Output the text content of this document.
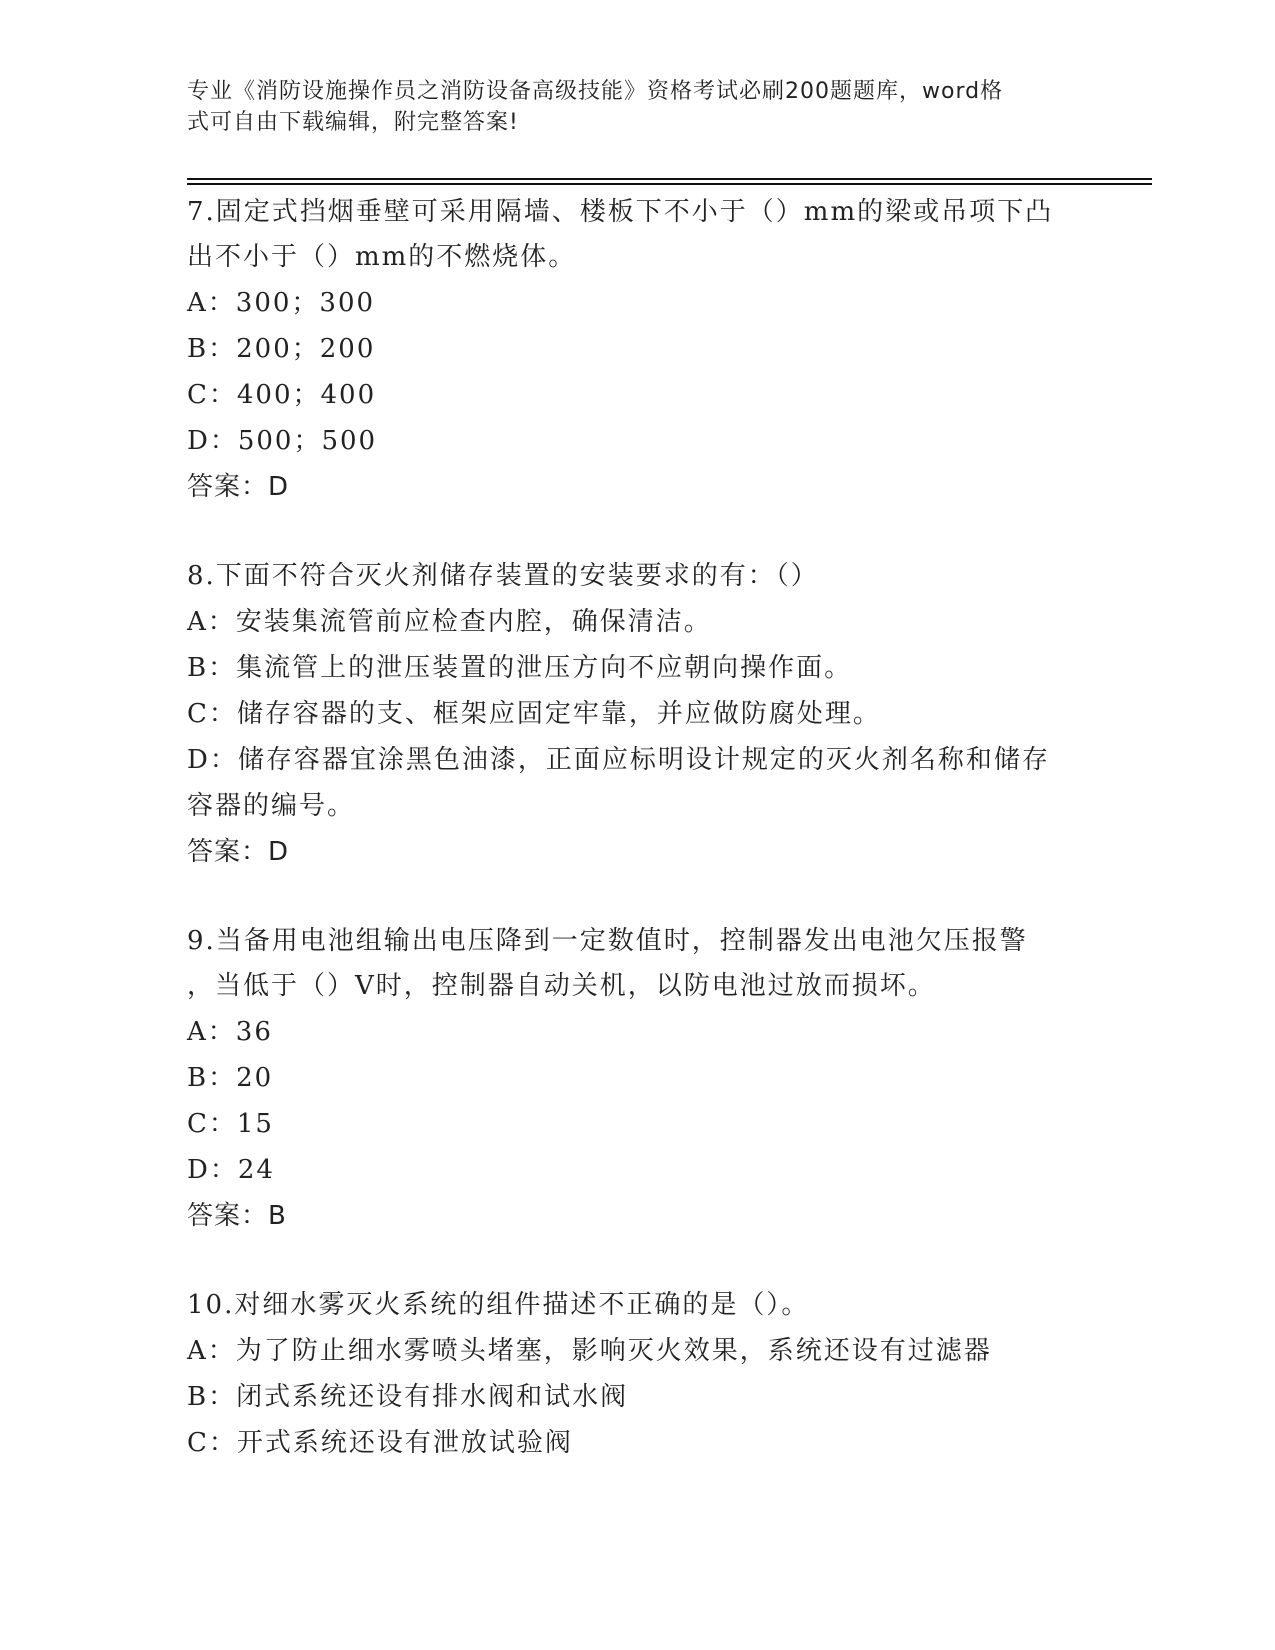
专业《消防设施操作员之消防设备高级技能》资格考试必刷200题题库，word格
式可自由下载编辑，附完整答案!
7.固定式挡烟垂壁可采用隔墙、楼板下不小于（）mm的梁或吊项下凸
出不小于（）mm的不燃烧体。
A：300；300
B：200；200
C：400；400
D：500；500
答案：D
8.下面不符合灭火剂储存装置的安装要求的有：（）
A：安装集流管前应检查内腔，确保清洁。
B：集流管上的泄压装置的泄压方向不应朝向操作面。
C：储存容器的支、框架应固定牢靠，并应做防腐处理。
D：储存容器宜涂黑色油漆，正面应标明设计规定的灭火剂名称和储存
容器的编号。
答案：D
9.当备用电池组输出电压降到一定数值时，控制器发出电池欠压报警
，当低于（）V时，控制器自动关机，以防电池过放而损坏。
A：36
B：20
C：15
D：24
答案：B
10.对细水雾灭火系统的组件描述不正确的是（）。
A：为了防止细水雾喷头堵塞，影响灭火效果，系统还设有过滤器
B：闭式系统还设有排水阀和试水阀
C：开式系统还设有泄放试验阀
